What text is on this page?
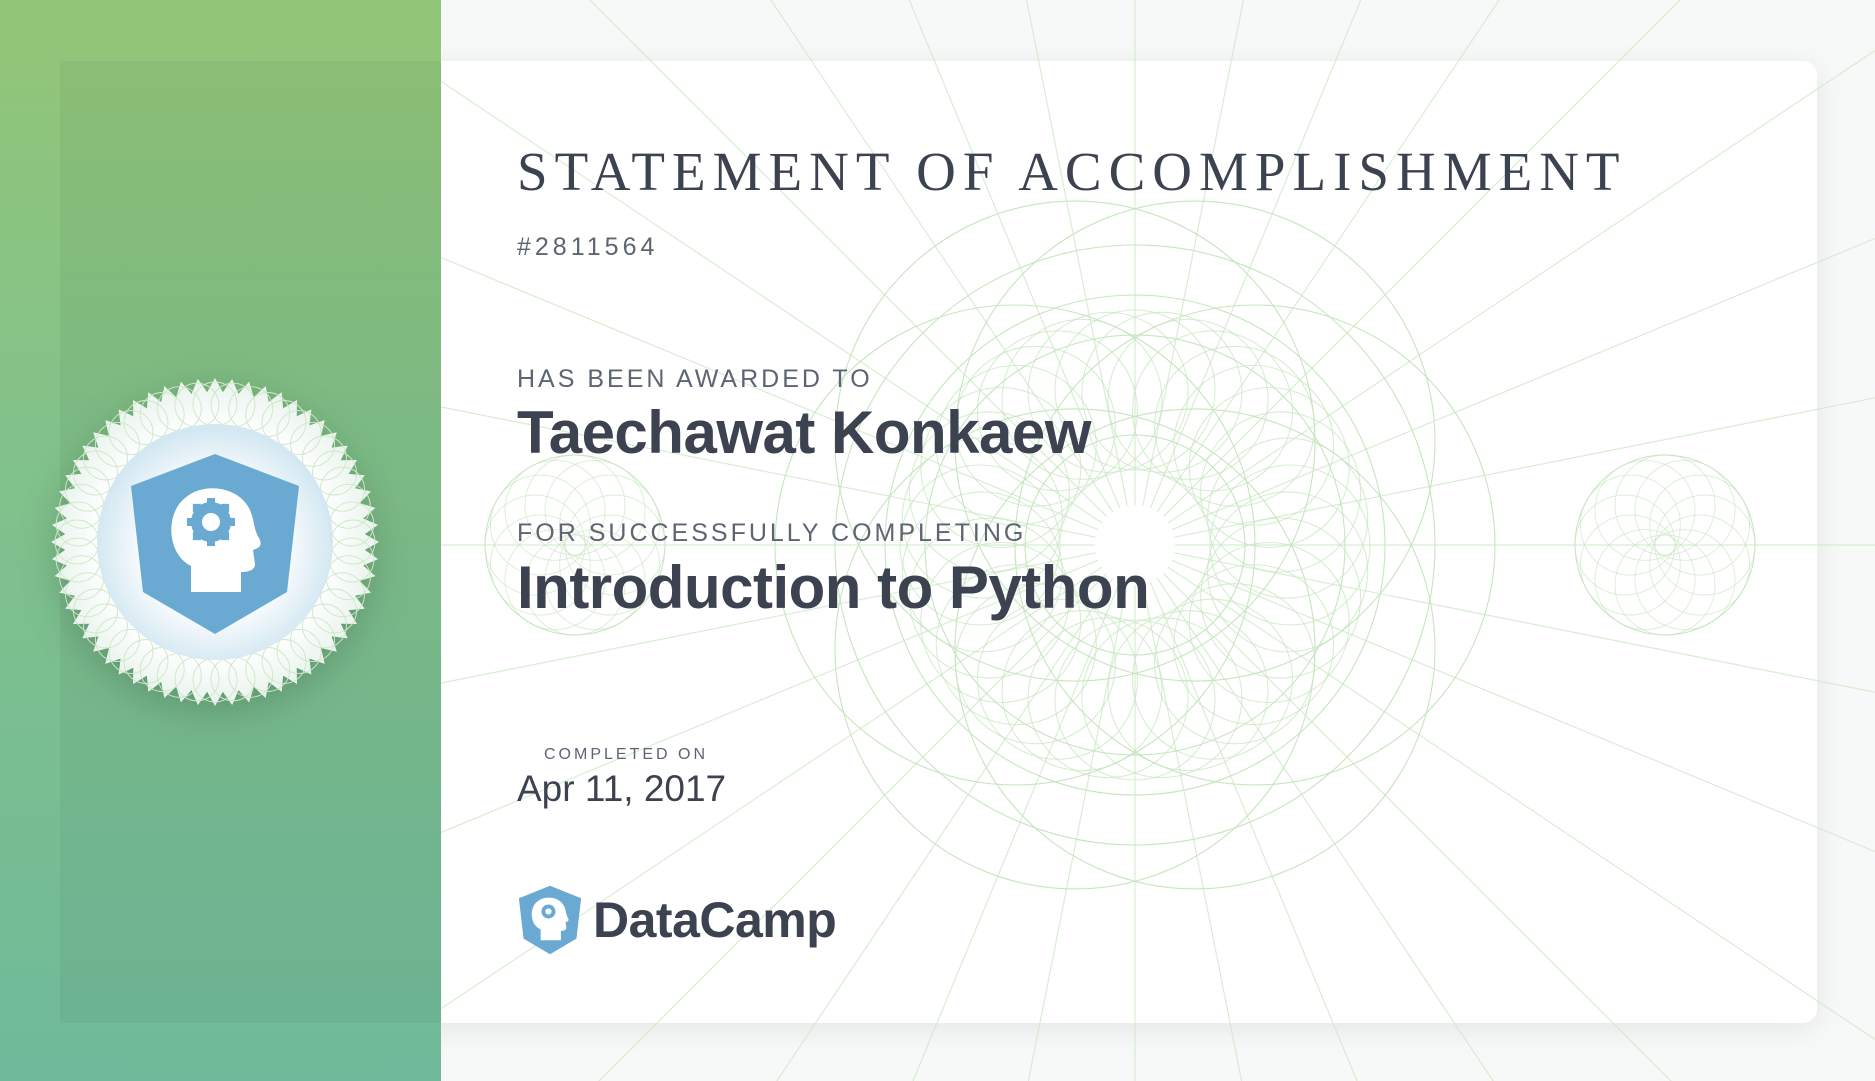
STATEMENT OF ACCOMPLISHMENT
#2811564
HAS BEEN AWARDED TO
Taechawat Konkaew
FOR SUCCESSFULLY COMPLETING
Introduction to Python
COMPLETED ON
Apr 11, 2017
DataCamp
